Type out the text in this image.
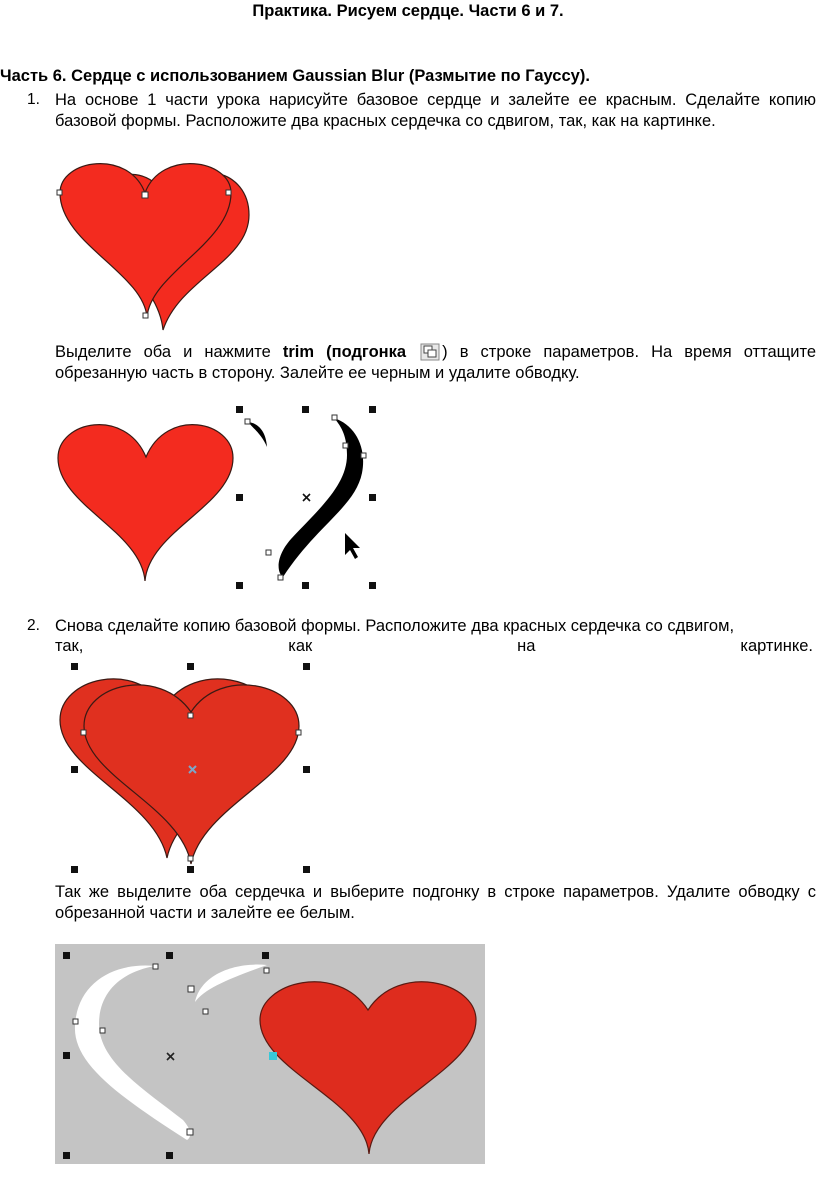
Практика. Рисуем сердце. Части 6 и 7.
Часть 6. Сердце с использованием Gaussian Blur (Размытие по Гауссу).
1. На основе 1 части урока нарисуйте базовое сердце и залейте ее красным. Сделайте копию базовой формы. Расположите два красных сердечка со сдвигом, так, как на картинке.
Выделите оба и нажмите trim (подгонка ) в строке параметров. На время оттащите обрезанную часть в сторону. Залейте ее черным и удалите обводку.
2. Снова сделайте копию базовой формы. Расположите два красных сердечка со сдвигом,
так,	как	на	картинке.
Так же выделите оба сердечка и выберите подгонку в строке параметров. Удалите обводку с обрезанной части и залейте ее белым.
